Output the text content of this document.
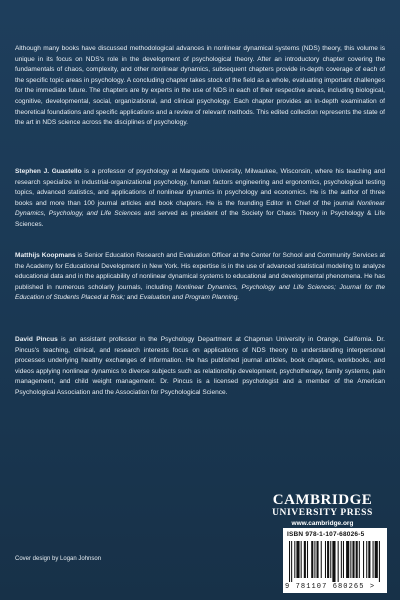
Although many books have discussed methodological advances in nonlinear dynamical systems (NDS) theory, this volume is unique in its focus on NDS's role in the development of psychological theory. After an introductory chapter covering the fundamentals of chaos, complexity, and other nonlinear dynamics, subsequent chapters provide in-depth coverage of each of the specific topic areas in psychology. A concluding chapter takes stock of the field as a whole, evaluating important challenges for the immediate future. The chapters are by experts in the use of NDS in each of their respective areas, including biological, cognitive, developmental, social, organizational, and clinical psychology. Each chapter provides an in-depth examination of theoretical foundations and specific applications and a review of relevant methods. This edited collection represents the state of the art in NDS science across the disciplines of psychology.
Stephen J. Guastello is a professor of psychology at Marquette University, Milwaukee, Wisconsin, where his teaching and research specialize in industrial-organizational psychology, human factors engineering and ergonomics, psychological testing topics, advanced statistics, and applications of nonlinear dynamics in psychology and economics. He is the author of three books and more than 100 journal articles and book chapters. He is the founding Editor in Chief of the journal Nonlinear Dynamics, Psychology, and Life Sciences and served as president of the Society for Chaos Theory in Psychology & Life Sciences.
Matthijs Koopmans is Senior Education Research and Evaluation Officer at the Center for School and Community Services at the Academy for Educational Development in New York. His expertise is in the use of advanced statistical modeling to analyze educational data and in the applicability of nonlinear dynamical systems to educational and developmental phenomena. He has published in numerous scholarly journals, including Nonlinear Dynamics, Psychology and Life Sciences; Journal for the Education of Students Placed at Risk; and Evaluation and Program Planning.
David Pincus is an assistant professor in the Psychology Department at Chapman University in Orange, California. Dr. Pincus's teaching, clinical, and research interests focus on applications of NDS theory to understanding interpersonal processes underlying healthy exchanges of information. He has published journal articles, book chapters, workbooks, and videos applying nonlinear dynamics to diverse subjects such as relationship development, psychotherapy, family systems, pain management, and child weight management. Dr. Pincus is a licensed psychologist and a member of the American Psychological Association and the Association for Psychological Science.
CAMBRIDGE
UNIVERSITY PRESS
www.cambridge.org
ISBN 978-1-107-68026-5
9 781107 680265 >
Cover design by Logan Johnson
